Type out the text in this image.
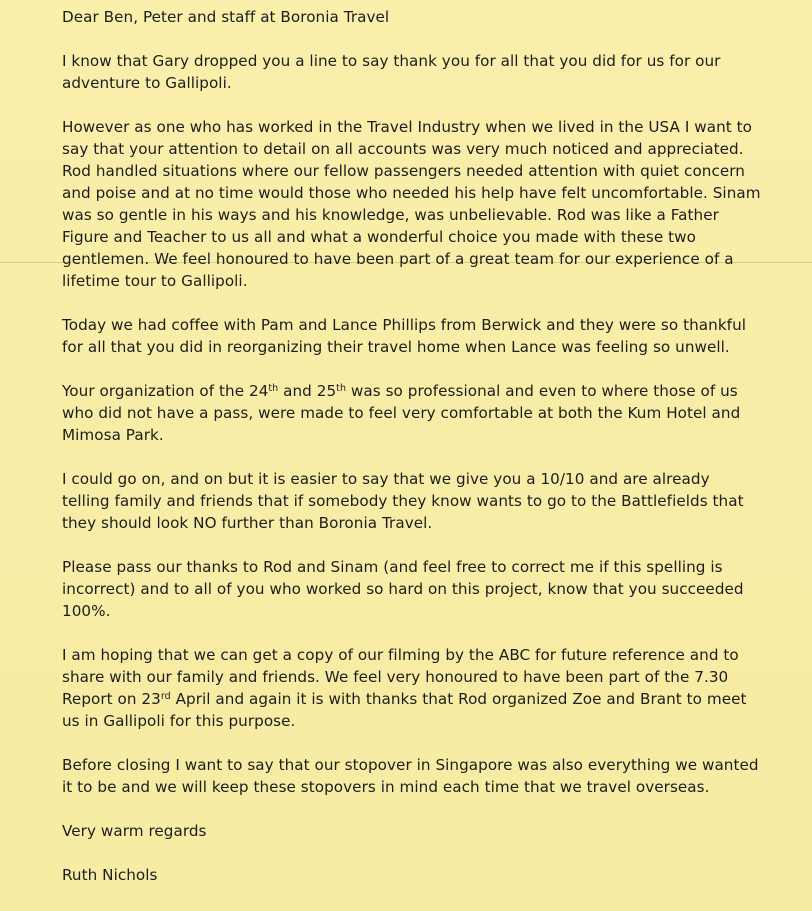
Dear Ben, Peter and staff at Boronia Travel

I know that Gary dropped you a line to say thank you for all that you did for us for our adventure to Gallipoli.

However as one who has worked in the Travel Industry when we lived in the USA I want to say that your attention to detail on all accounts was very much noticed and appreciated. Rod handled situations where our fellow passengers needed attention with quiet concern and poise and at no time would those who needed his help have felt uncomfortable. Sinam was so gentle in his ways and his knowledge, was unbelievable. Rod was like a Father Figure and Teacher to us all and what a wonderful choice you made with these two gentlemen. We feel honoured to have been part of a great team for our experience of a lifetime tour to Gallipoli.

Today we had coffee with Pam and Lance Phillips from Berwick and they were so thankful for all that you did in reorganizing their travel home when Lance was feeling so unwell.

Your organization of the 24th and 25th was so professional and even to where those of us who did not have a pass, were made to feel very comfortable at both the Kum Hotel and Mimosa Park.

I could go on, and on but it is easier to say that we give you a 10/10 and are already telling family and friends that if somebody they know wants to go to the Battlefields that they should look NO further than Boronia Travel.

Please pass our thanks to Rod and Sinam (and feel free to correct me if this spelling is incorrect) and to all of you who worked so hard on this project, know that you succeeded 100%.

I am hoping that we can get a copy of our filming by the ABC for future reference and to share with our family and friends. We feel very honoured to have been part of the 7.30 Report on 23rd April and again it is with thanks that Rod organized Zoe and Brant to meet us in Gallipoli for this purpose.

Before closing I want to say that our stopover in Singapore was also everything we wanted it to be and we will keep these stopovers in mind each time that we travel overseas.

Very warm regards

Ruth Nichols
